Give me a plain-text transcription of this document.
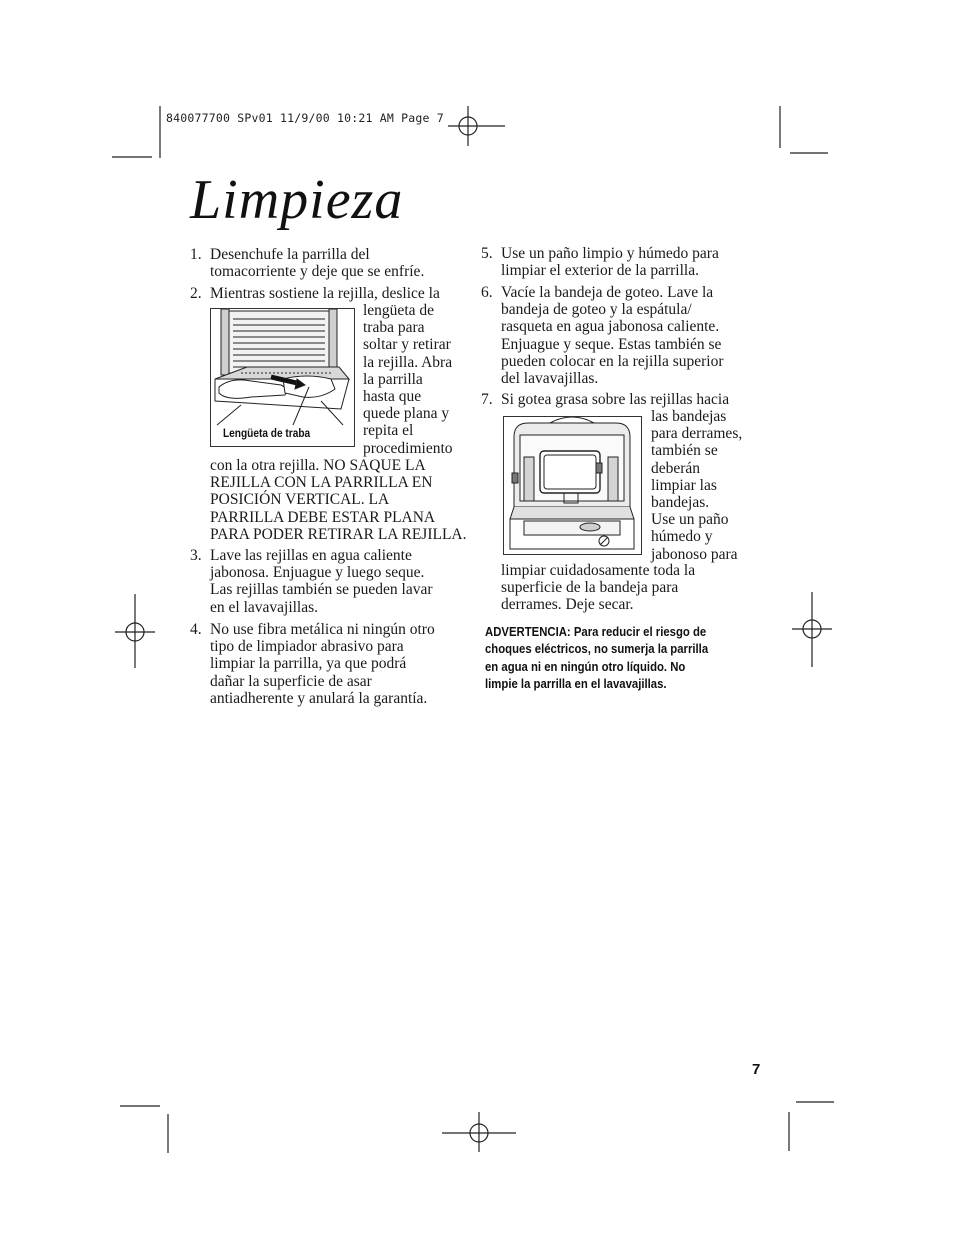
840077700 SPv01 11/9/00 10:21 AM Page 7
Limpieza
1. Desenchufe la parrilla del
tomacorriente y deje que se enfríe.
2. Mientras sostiene la rejilla, deslice la
lengüeta de
traba para
soltar y retirar
la rejilla. Abra
la parrilla
hasta que
quede plana y
repita el
procedimiento
con la otra rejilla. NO SAQUE LA
REJILLA CON LA PARRILLA EN
POSICIÓN VERTICAL. LA
PARRILLA DEBE ESTAR PLANA
PARA PODER RETIRAR LA REJILLA.
Lengüeta de traba
3. Lave las rejillas en agua caliente
jabonosa. Enjuague y luego seque.
Las rejillas también se pueden lavar
en el lavavajillas.
4. No use fibra metálica ni ningún otro
tipo de limpiador abrasivo para
limpiar la parrilla, ya que podrá
dañar la superficie de asar
antiadherente y anulará la garantía.
5. Use un paño limpio y húmedo para
limpiar el exterior de la parrilla.
6. Vacíe la bandeja de goteo. Lave la
bandeja de goteo y la espátula/
rasqueta en agua jabonosa caliente.
Enjuague y seque. Estas también se
pueden colocar en la rejilla superior
del lavavajillas.
7. Si gotea grasa sobre las rejillas hacia
las bandejas
para derrames,
también se
deberán
limpiar las
bandejas.
Use un paño
húmedo y
jabonoso para
limpiar cuidadosamente toda la
superficie de la bandeja para
derrames. Deje secar.
ADVERTENCIA: Para reducir el riesgo de
choques eléctricos, no sumerja la parrilla
en agua ni en ningún otro líquido. No
limpie la parrilla en el lavavajillas.
7
